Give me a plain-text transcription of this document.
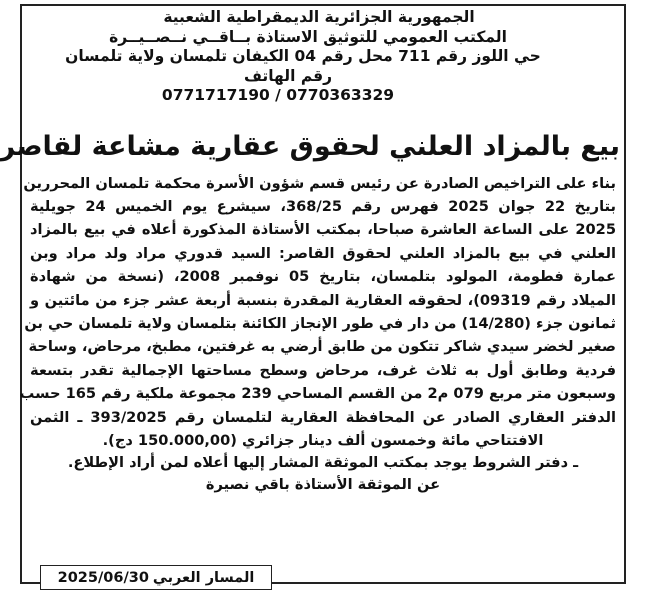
الجمهورية الجزائرية الديمقراطية الشعبية
المكتب العمومي للتوثيق الاستاذة بــاقــي نــصــيــرة
حي اللوز رقم 711 محل رقم 04 الكيفان تلمسان ولاية تلمسان
رقم الهاتف
0771717190 / 0770363329
بيع بالمزاد العلني لحقوق عقارية مشاعة لقاصر
بناء على التراخيص الصادرة عن رئيس قسم شؤون الأسرة محكمة تلمسان المحررين
بتاريخ 22 جوان 2025 فهرس رقم 368/25، سيشرع يوم الخميس 24 جويلية
2025 على الساعة العاشرة صباحا، بمكتب الأستاذة المذكورة أعلاه في بيع بالمزاد
العلني في بيع بالمزاد العلني لحقوق القاصر: السيد قدوري مراد ولد مراد وبن
عمارة فطومة، المولود بتلمسان، بتاريخ 05 نوفمبر 2008، (نسخة من شهادة
الميلاد رقم 09319)، لحقوقه العقارية المقدرة بنسبة أربعة عشر جزء من مائتين و
ثمانون جزء (14/280) من دار في طور الإنجاز الكائنة بتلمسان ولاية تلمسان حي بن
صغير لخضر سيدي شاكر تتكون من طابق أرضي به غرفتين، مطبخ، مرحاض، وساحة
فردية وطابق أول به ثلاث غرف، مرحاض وسطح مساحتها الإجمالية تقدر بتسعة
وسبعون متر مربع 079 م2 من القسم المساحي 239 مجموعة ملكية رقم 165 حسب
الدفتر العقاري الصادر عن المحافظة العقارية لتلمسان رقم 393/2025 ـ الثمن
الافتتاحي مائة وخمسون ألف دينار جزائري (150.000,00 دج).
ـ دفتر الشروط يوجد بمكتب الموثقة المشار إليها أعلاه لمن أراد الإطلاع.
عن الموثقة الأستاذة باقي نصيرة
المسار العربي
2025/06/30
